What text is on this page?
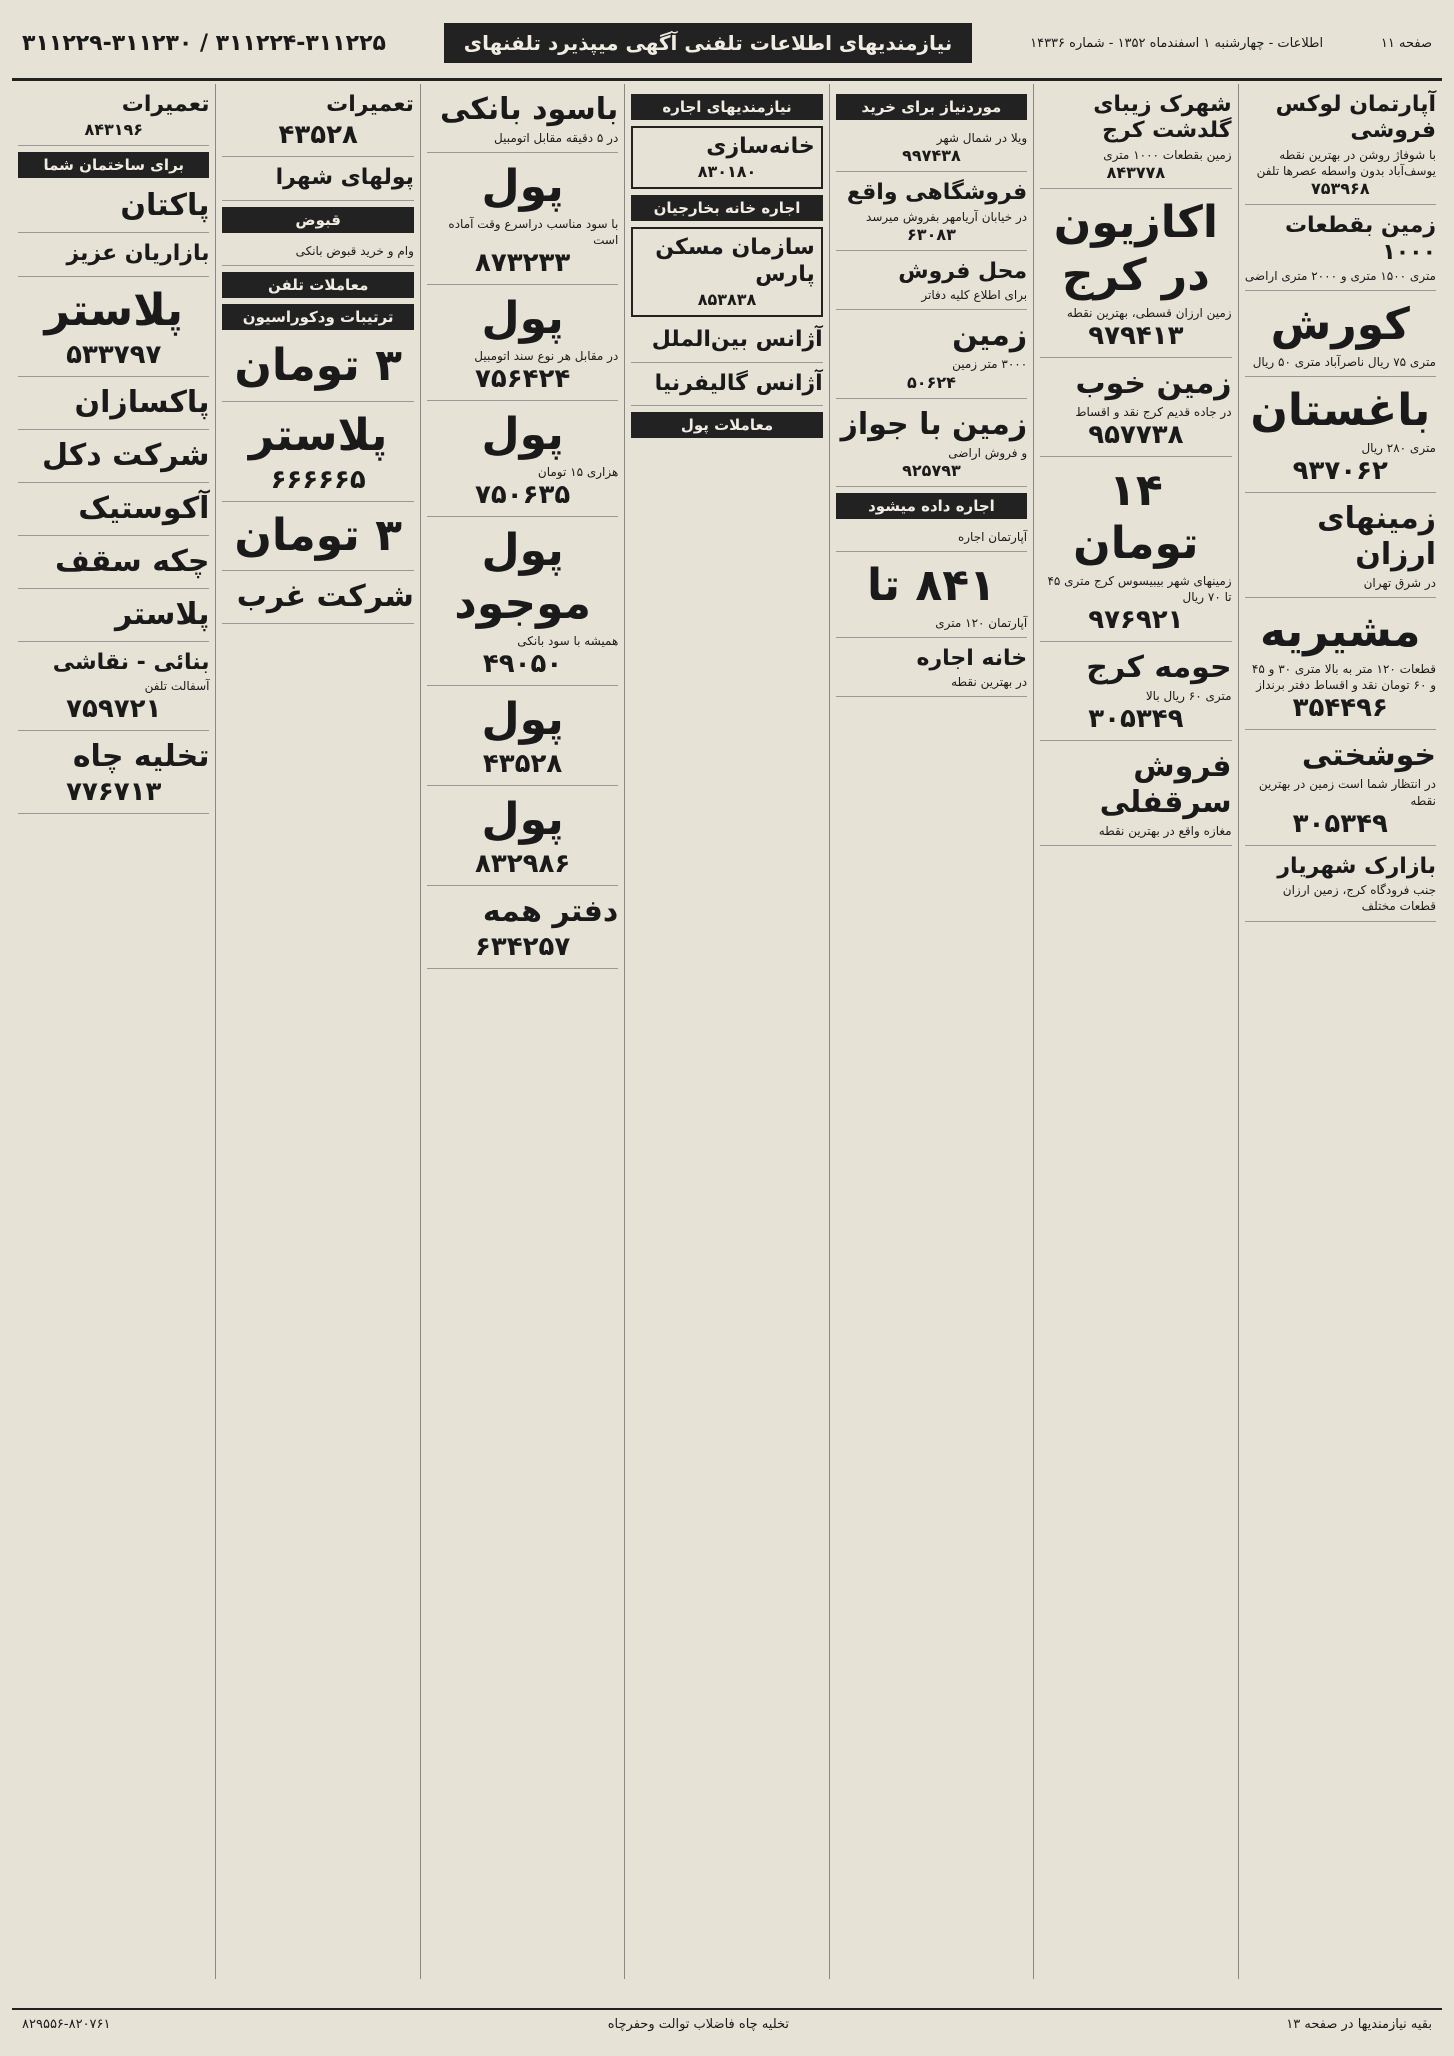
صفحه ۱۱
اطلاعات - چهارشنبه ۱ اسفندماه ۱۳۵۲ - شماره ۱۴۳۳۶
نیازمندیهای اطلاعات تلفنی آگهی میپذیرد تلفنهای
۳۱۱۲۲۴-۳۱۱۲۲۵ / ۳۱۱۲۲۹-۳۱۱۲۳۰
آپارتمان لوکس فروشی
با شوفاژ روشن در بهترین نقطه یوسف‌آباد بدون واسطه عصرها تلفن
۷۵۳۹۶۸
زمین بقطعات ۱۰۰۰
متری ۱۵۰۰ متری و ۲۰۰۰ متری اراضی
کورش
متری ۷۵ ریال ناصرآباد متری ۵۰ ریال
باغستان
متری ۲۸۰ ریال
۹۳۷۰۶۲
زمینهای ارزان
در شرق تهران
مشیریه
قطعات ۱۲۰ متر به بالا متری ۳۰ و ۴۵ و ۶۰ تومان نقد و اقساط دفتر برنداز
۳۵۴۴۹۶
خوشختی
در انتظار شما است زمین در بهترین نقطه
۳۰۵۳۴۹
بازارک شهریار
جنب فرودگاه کرج، زمین ارزان قطعات مختلف
شهرک زیبای گلدشت کرج
زمین بقطعات ۱۰۰۰ متری
۸۴۳۷۷۸
اکازیون در کرج
زمین ارزان قسطی، بهترین نقطه
۹۷۹۴۱۳
زمین خوب
در جاده قدیم کرج نقد و اقساط
۹۵۷۷۳۸
۱۴ تومان
زمینهای شهر بیبیسوس کرج متری ۴۵ تا ۷۰ ریال
۹۷۶۹۲۱
حومه کرج
متری ۶۰ ریال بالا
۳۰۵۳۴۹
فروش سرقفلی
مغازه واقع در بهترین نقطه
موردنیاز برای خرید
ویلا در شمال شهر
۹۹۷۴۳۸
فروشگاهی واقع
در خیابان آریامهر بفروش میرسد
۶۳۰۸۳
محل فروش
برای اطلاع کلیه دفاتر
زمین
۳۰۰۰ متر زمین
۵۰۶۲۴
زمین با جواز
و فروش اراضی
۹۲۵۷۹۳
اجاره داده میشود
آپارتمان اجاره
۸۴۱ تا
آپارتمان ۱۲۰ متری
خانه اجاره
در بهترین نقطه
نیازمندیهای اجاره
خانه‌سازی
۸۳۰۱۸۰
اجاره خانه بخارجیان
سازمان مسکن پارس
۸۵۳۸۳۸
آژانس بین‌الملل
آژانس گالیفرنیا
معاملات پول
باسود بانکی
در ۵ دقیقه مقابل اتومبیل
پول
با سود مناسب دراسرع وقت آماده است
۸۷۳۲۳۳
پول
در مقابل هر نوع سند اتومبیل
۷۵۶۴۲۴
پول
هزاری ۱۵ تومان
۷۵۰۶۳۵
پول موجود
همیشه با سود بانکی
۴۹۰۵۰
پول
۴۳۵۲۸
پول
۸۳۲۹۸۶
دفتر همه
۶۳۴۲۵۷
تعمیرات
۴۳۵۲۸
پولهای شهرا
قبوض
وام و خرید قبوض بانکی
معاملات تلفن
ترتیبات ودکوراسیون
۳ تومان
پلاستر
۶۶۶۶۶۵
۳ تومان
شرکت غرب
تعمیرات
۸۴۳۱۹۶
برای ساختمان شما
پاکتان
بازاریان عزیز
پلاستر
۵۳۳۷۹۷
پاکسازان
شرکت دکل
آکوستیک
چکه سقف
پلاستر
بنائی - نقاشی
آسفالت تلفن
۷۵۹۷۲۱
تخلیه چاه
۷۷۶۷۱۳
بقیه نیازمندیها در صفحه ۱۳
تخلیه چاه فاضلاب توالت وحفرچاه
۸۲۹۵۵۶-۸۲۰۷۶۱
